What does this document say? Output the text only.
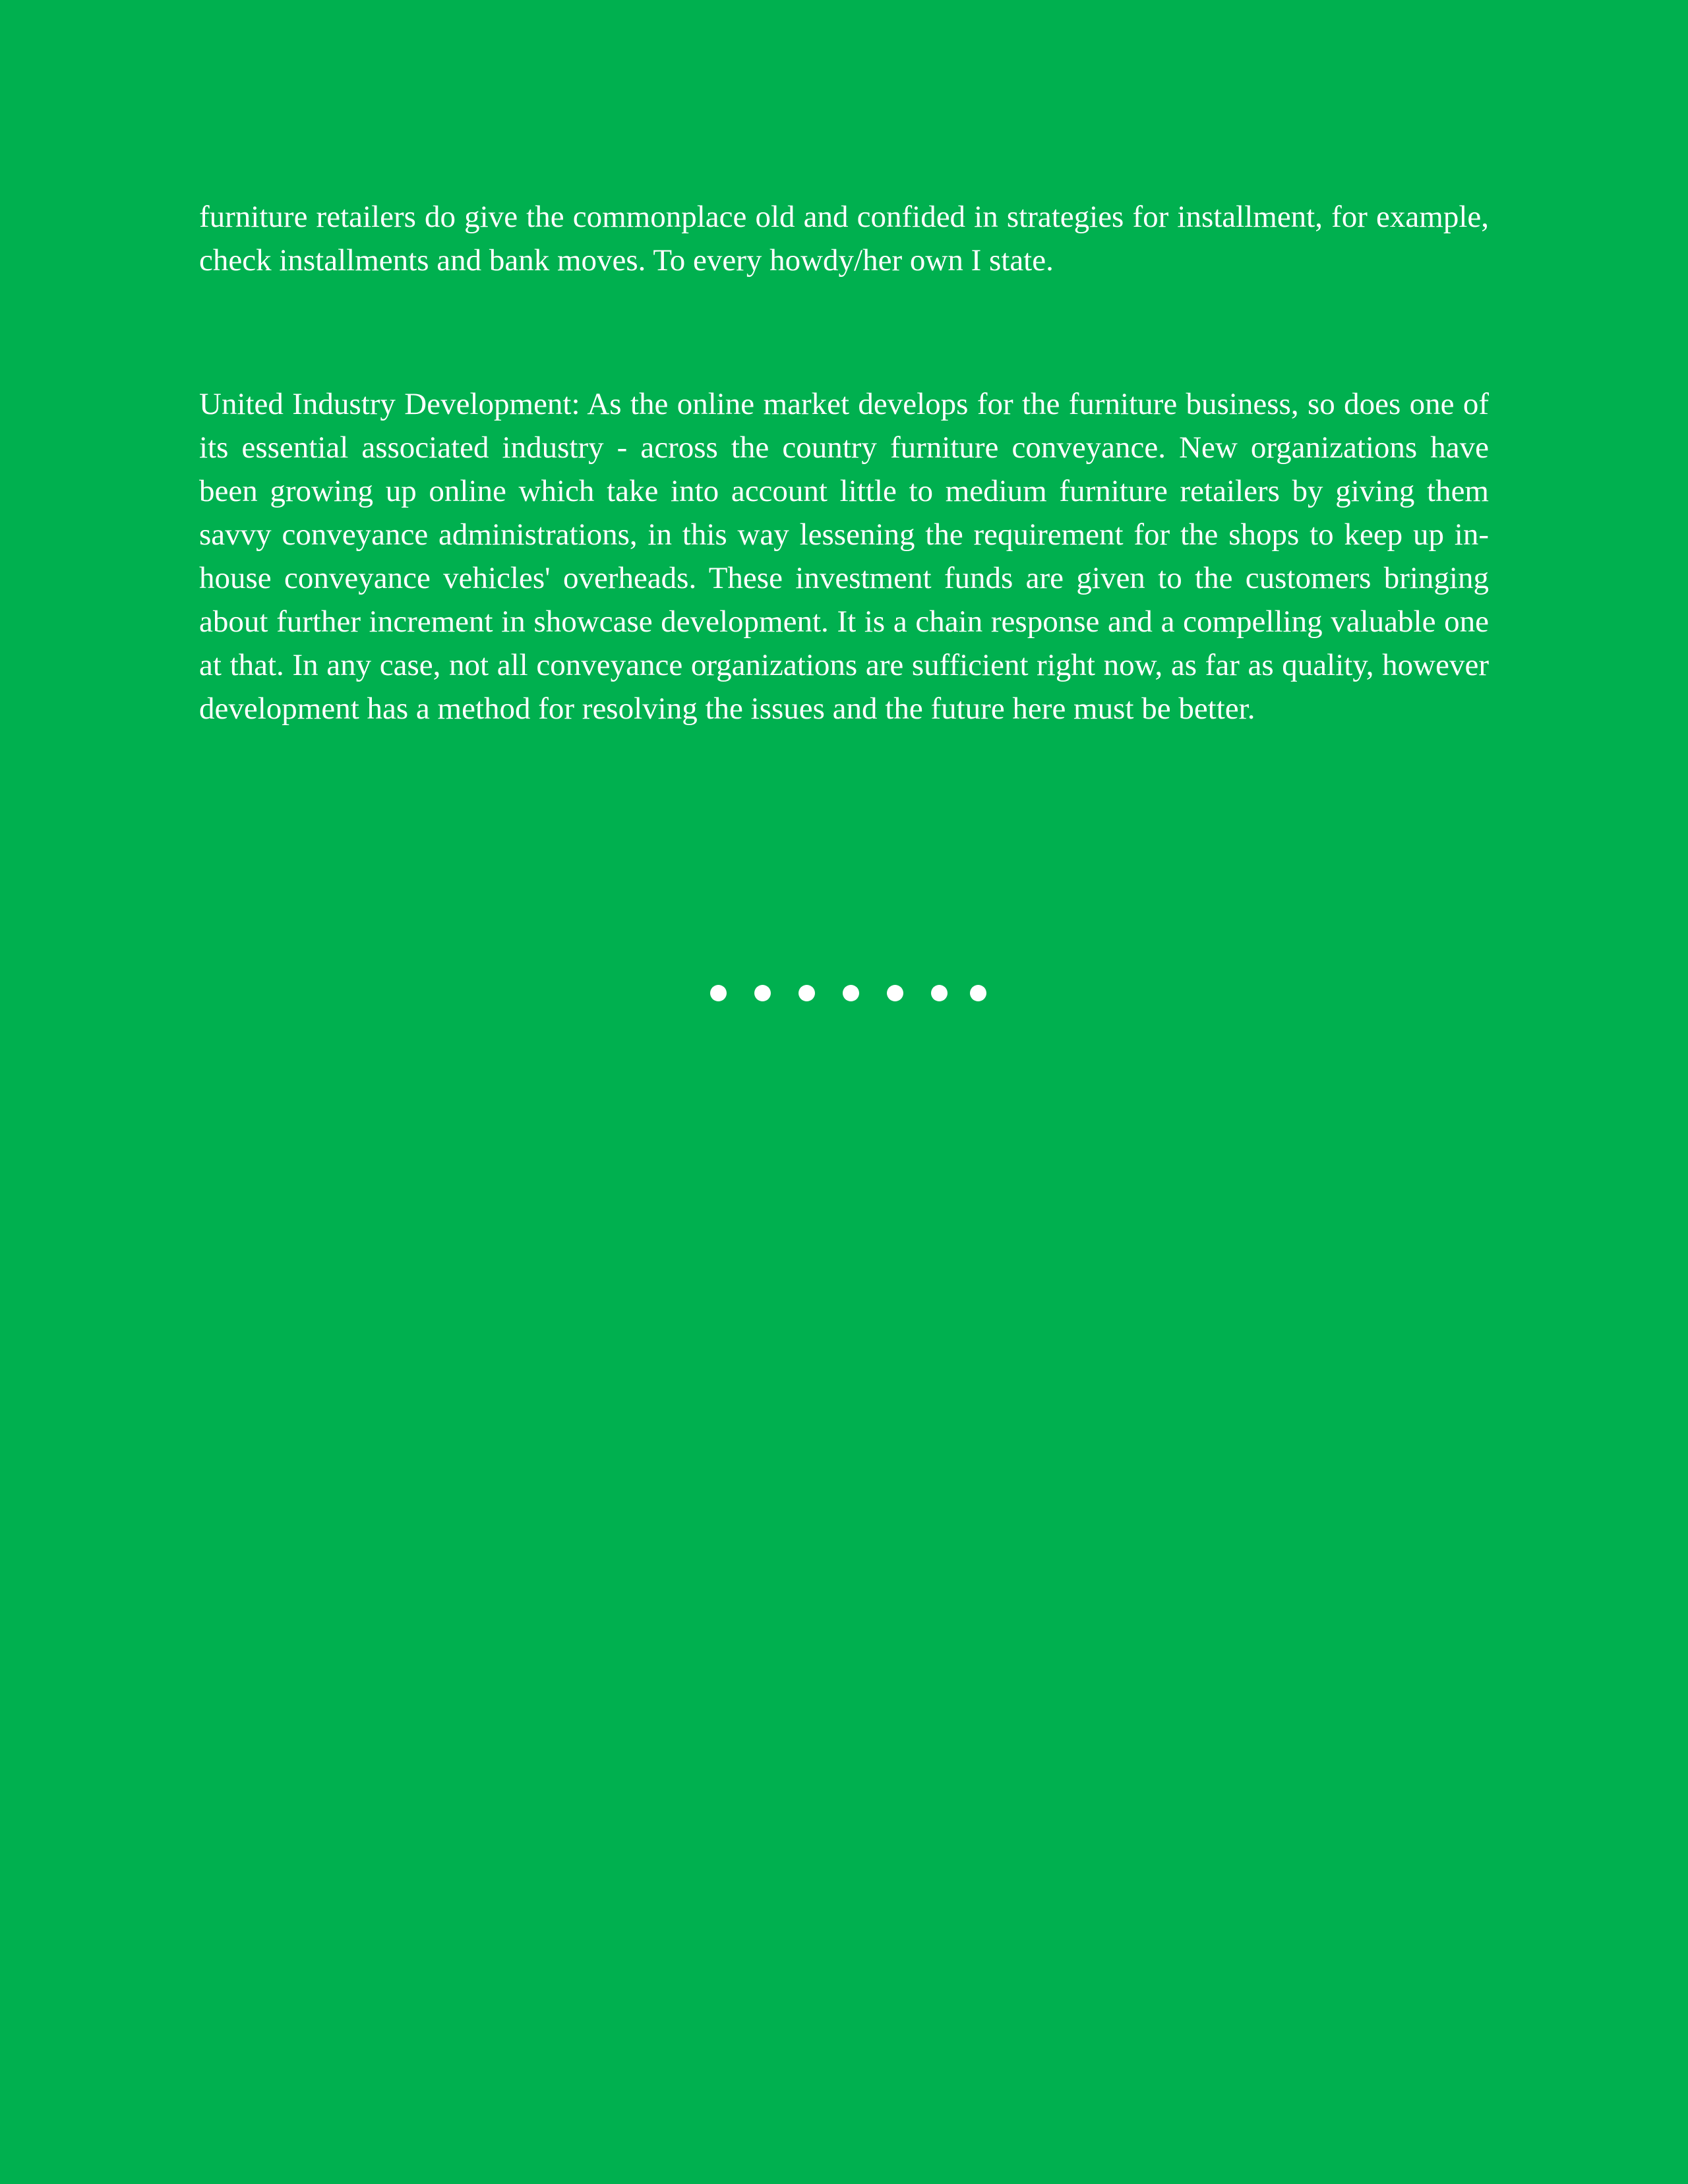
furniture retailers do give the commonplace old and confided in strategies for installment, for example, check installments and bank moves. To every howdy/her own I state.

United Industry Development: As the online market develops for the furniture business, so does one of its essential associated industry - across the country furniture conveyance. New organizations have been growing up online which take into account little to medium furniture retailers by giving them savvy conveyance administrations, in this way lessening the requirement for the shops to keep up in-house conveyance vehicles' overheads. These investment funds are given to the customers bringing about further increment in showcase development. It is a chain response and a compelling valuable one at that. In any case, not all conveyance organizations are sufficient right now, as far as quality, however development has a method for resolving the issues and the future here must be better.
